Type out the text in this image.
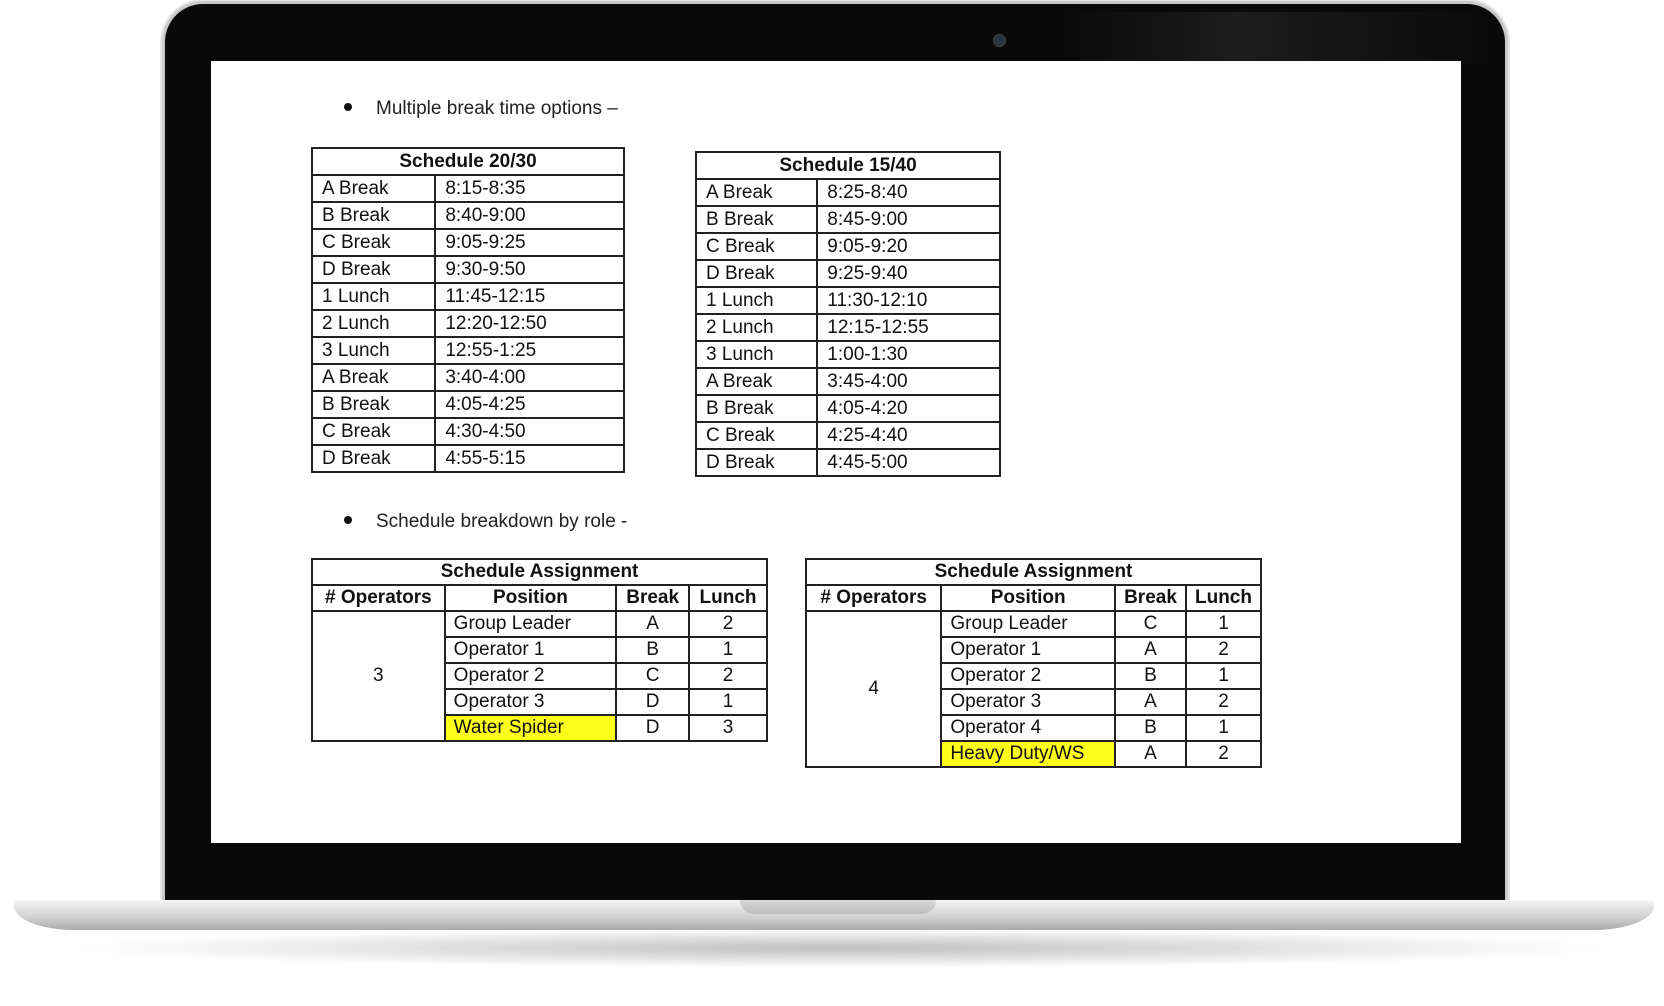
Multiple break time options –
Schedule 20/30	
A Break	8:15-8:35
B Break	8:40-9:00
C Break	9:05-9:25
D Break	9:30-9:50
1 Lunch	11:45-12:15
2 Lunch	12:20-12:50
3 Lunch	12:55-1:25
A Break	3:40-4:00
B Break	4:05-4:25
C Break	4:30-4:50
D Break	4:55-5:15
Schedule 15/40	
A Break	8:25-8:40
B Break	8:45-9:00
C Break	9:05-9:20
D Break	9:25-9:40
1 Lunch	11:30-12:10
2 Lunch	12:15-12:55
3 Lunch	1:00-1:30
A Break	3:45-4:00
B Break	4:05-4:20
C Break	4:25-4:40
D Break	4:45-5:00
Schedule breakdown by role -
Schedule Assignment			
# Operators	Position	Break	Lunch
3	Group Leader	A	2
	Operator 1	B	1
	Operator 2	C	2
	Operator 3	D	1
	Water Spider	D	3
Schedule Assignment			
# Operators	Position	Break	Lunch
4	Group Leader	C	1
	Operator 1	A	2
	Operator 2	B	1
	Operator 3	A	2
	Operator 4	B	1
	Heavy Duty/WS	A	2
